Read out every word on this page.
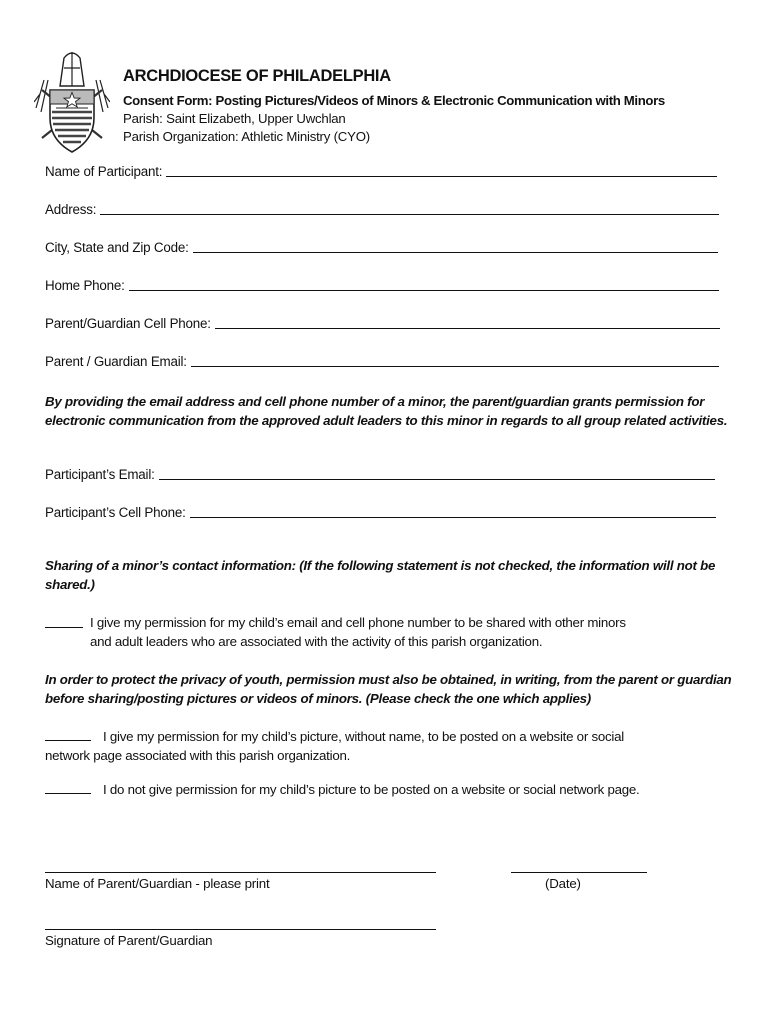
ARCHDIOCESE OF PHILADELPHIA
Consent Form: Posting Pictures/Videos of Minors & Electronic Communication with Minors
Parish: Saint Elizabeth, Upper Uwchlan
Parish Organization: Athletic Ministry (CYO)
Name of Participant:
Address:
City, State and Zip Code:
Home Phone:
Parent/Guardian Cell Phone:
Parent / Guardian Email:
By providing the email address and cell phone number of a minor, the parent/guardian grants permission for electronic communication from the approved adult leaders to this minor in regards to all group related activities.
Participant’s Email:
Participant’s Cell Phone:
Sharing of a minor’s contact information: (If the following statement is not checked, the information will not be shared.)
I give my permission for my child’s email and cell phone number to be shared with other minors
and adult leaders who are associated with the activity of this parish organization.
In order to protect the privacy of youth, permission must also be obtained, in writing, from the parent or guardian before sharing/posting pictures or videos of minors. (Please check the one which applies)
I give my permission for my child’s picture, without name, to be posted on a website or social
network page associated with this parish organization.
I do not give permission for my child’s picture to be posted on a website or social network page.
Name of Parent/Guardian - please print	(Date)
Signature of Parent/Guardian
